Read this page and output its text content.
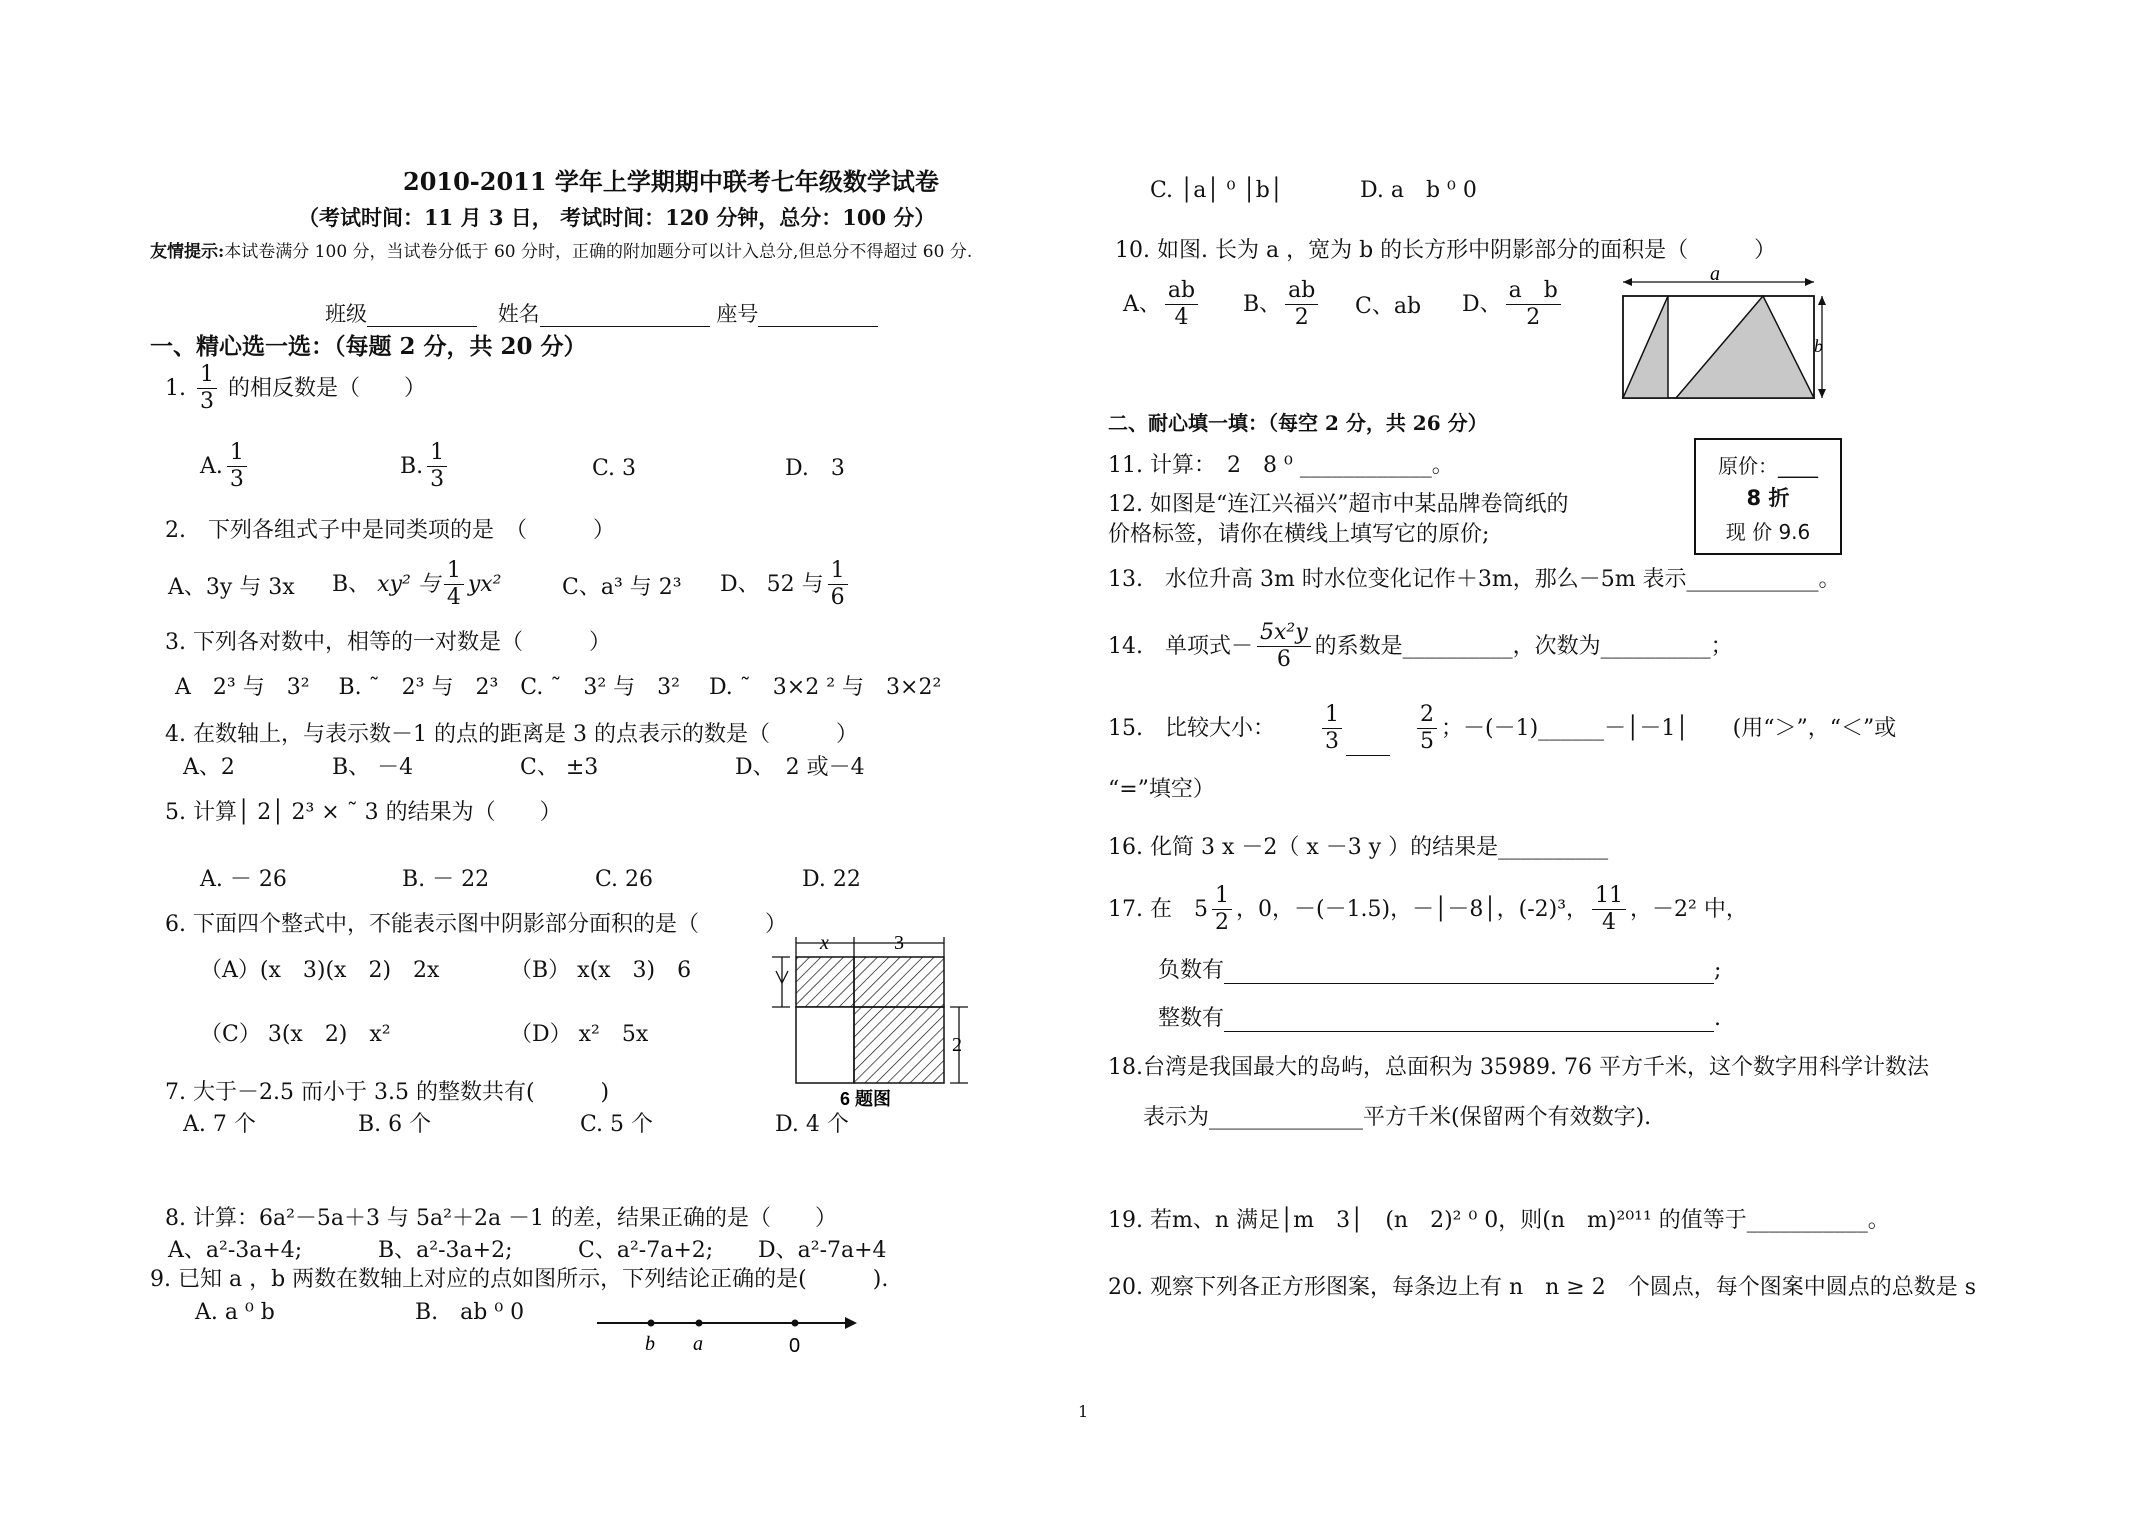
2010-2011 学年上学期期中联考七年级数学试卷
（考试时间：11 月 3 日， 考试时间：120 分钟，总分：100 分）
友情提示:本试卷满分 100 分，当试卷分低于 60 分时，正确的附加题分可以计入总分,但总分不得超过 60 分.
班级	姓名	座号
一、精心选一选：（每题 2 分，共 20 分）
1. $\frac{1}{3}$ 的相反数是（　　）
A. $\frac{1}{3}$	B. $\frac{1}{3}$	C. 3	D.　3
2.　下列各组式子中是同类项的是　（　　　）
A、3y 与 3x B、 xy² 与 $\frac{1}{4} yx^2$	C、a³ 与 2³ D、 52 与 $\frac{1}{6}$
3. 下列各对数中，相等的一对数是（　　　）
A　2³ 与　3²　 B. ˜　2³ 与　2³　C. ˜　3² 与　3²　 D. ˜　3×2 ² 与　3×2²
4. 在数轴上，与表示数－1 的点的距离是 3 的点表示的数是（　　　）
A、2	B、 －4	C、 ±3	D、　2 或－4
5. 计算│ 2│ 2³ × ˜ 3 的结果为（　　）
A. － 26	B. － 22	C. 26	D. 22
6. 下面四个整式中，不能表示图中阴影部分面积的是（　　　）
（A）(x　3)(x　2)　2x	（B） x(x　3)　6
（C） 3(x　2)　x²	（D） x²　5x
x	3
2
6 题图
7. 大于－2.5 而小于 3.5 的整数共有(　　　)
A. 7 个	B. 6 个	C. 5 个	D. 4 个
8. 计算：6a²－5a＋3 与 5a²＋2a －1 的差，结果正确的是（　　）
A、a²-3a+4;	B、a²-3a+2;	C、a²-7a+2; D、a²-7a+4
9. 已知 a ，b 两数在数轴上对应的点如图所示，下列结论正确的是(　　　).
A. a ⁰ b	B.　ab ⁰ 0
b a	0
C. │a│ ⁰ │b│	D. a　b ⁰ 0
10. 如图. 长为 a ，宽为 b 的长方形中阴影部分的面积是（　　　）
A、 $\frac{ab}{4}$ B、 $\frac{ab}{2}$ C、ab D、 $\frac{\text{a　b}}{2}$
a
b
二、耐心填一填：（每空 2 分，共 26 分）
11. 计算：　2　8 ⁰ ____________。
12. 如图是“连江兴福兴”超市中某品牌卷筒纸的
价格标签，请你在横线上填写它的原价;
原价：____
8 折
现 价 9.6
13.　水位升高 3m 时水位变化记作＋3m，那么－5m 表示____________。
14.　单项式－ $\frac{\text{5x²y}}{6}$ 的系数是__________，次数为__________；
15.　比较大小： $\frac{1}{3}$
	$\frac{2}{5}$ ；－(－1)______－│－1│　　(用“＞”，“＜”或
“=”填空）
16. 化简 3 x －2（ x －3 y ）的结果是__________
17. 在　$5 \frac{1}{2}$ ，0，－(－1.5)，－│－8│，(-2)³， $\frac{11}{4}$ ，－2² 中，
负数有	;
整数有	.
18.台湾是我国最大的岛屿，总面积为 35989. 76 平方千米，这个数字用科学计数法
表示为______________平方千米(保留两个有效数字).
19. 若m、n 满足│m　3│　(n　2)² ⁰ 0，则(n　m)²⁰¹¹ 的值等于___________。
20. 观察下列各正方形图案，每条边上有 n　n ≥ 2　个圆点，每个图案中圆点的总数是 s
1
